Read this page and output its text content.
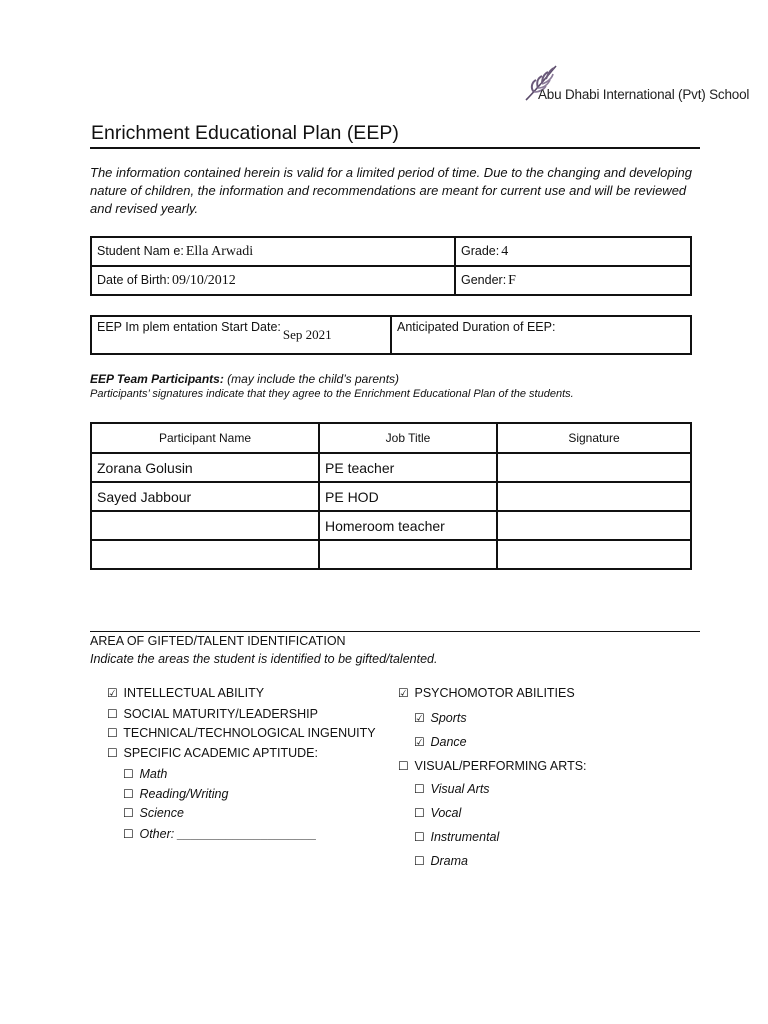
Abu Dhabi International (Pvt) School
Enrichment Educational Plan (EEP)
The information contained herein is valid for a limited period of time. Due to the changing and developing nature of children, the information and recommendations are meant for current use and will be reviewed and revised yearly.
Student Nam e: Ella Arwadi	Grade: 4
Date of Birth: 09/10/2012	Gender: F
EEP Im plem entation Start Date: Sep 2021	Anticipated Duration of EEP:
EEP Team Participants: (may include the child’s parents)
Participants’ signatures indicate that they agree to the Enrichment Educational Plan of the students.
Participant Name	Job Title	Signature
Zorana Golusin	PE teacher	
Sayed Jabbour	PE HOD	
	Homeroom teacher	

AREA OF GIFTED/TALENT IDENTIFICATION
Indicate the areas the student is identified to be gifted/talented.
☑ INTELLECTUAL ABILITY
☐ SOCIAL MATURITY/LEADERSHIP
☐ TECHNICAL/TECHNOLOGICAL INGENUITY
☐ SPECIFIC ACADEMIC APTITUDE:
☐ Math
☐ Reading/Writing
☐ Science
☐ Other: ____________________
☑ PSYCHOMOTOR ABILITIES
☑ Sports
☑ Dance
☐ VISUAL/PERFORMING ARTS:
☐ Visual Arts
☐ Vocal
☐ Instrumental
☐ Drama
